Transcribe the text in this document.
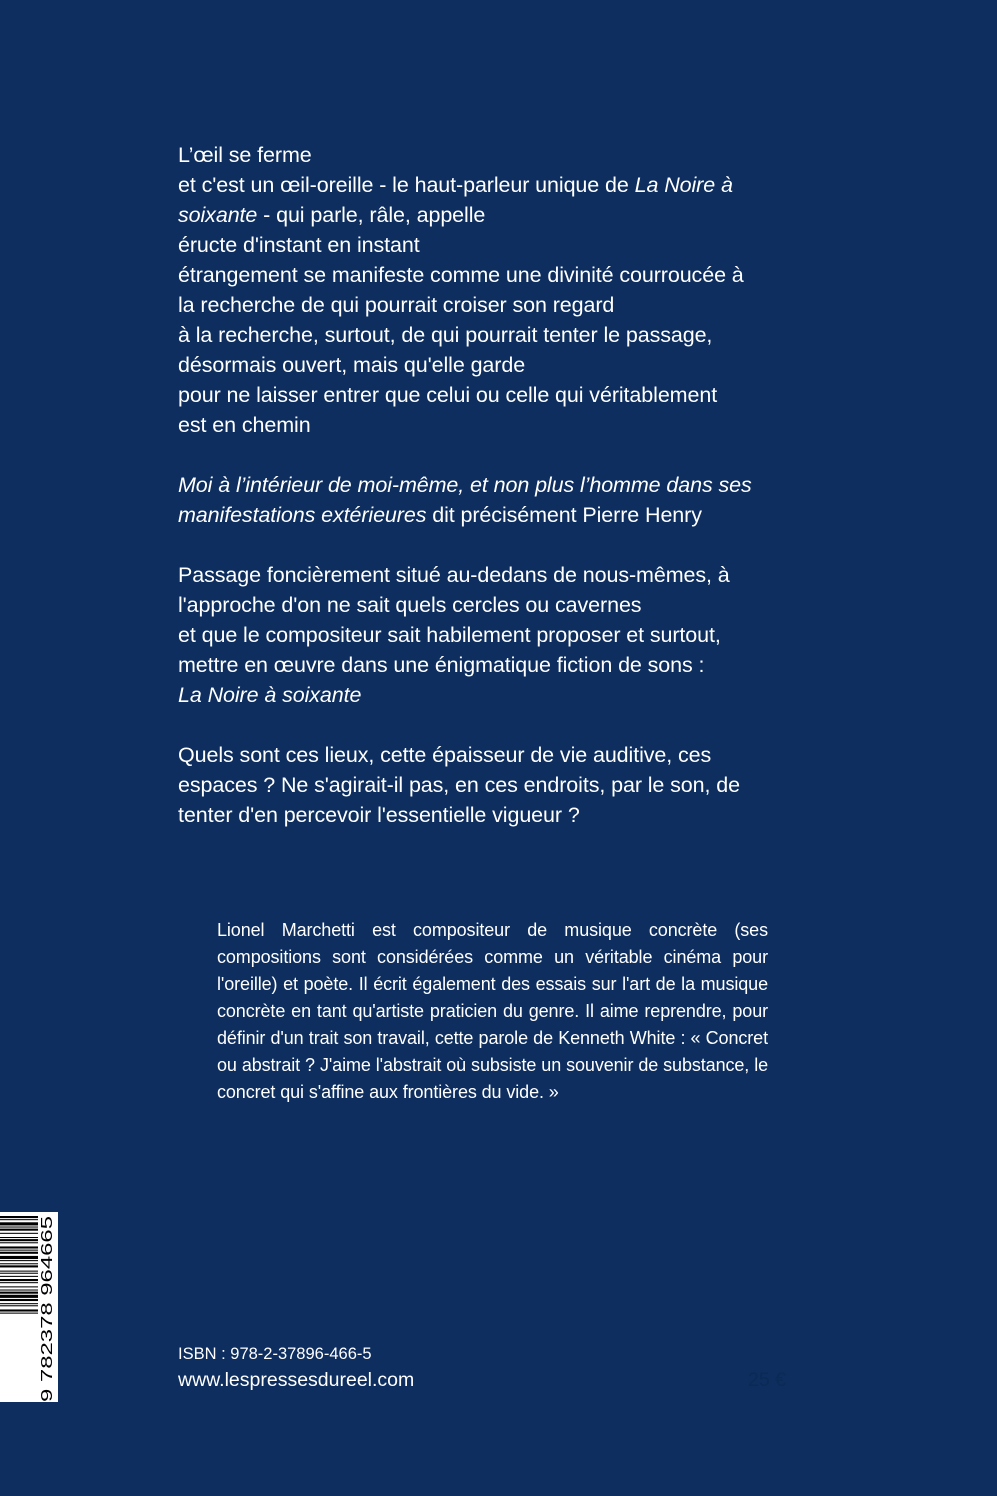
L’œil se ferme
et c'est un œil-oreille - le haut-parleur unique de La Noire à
soixante - qui parle, râle, appelle
éructe d'instant en instant
étrangement se manifeste comme une divinité courroucée à
la recherche de qui pourrait croiser son regard
à la recherche, surtout, de qui pourrait tenter le passage,
désormais ouvert, mais qu'elle garde
pour ne laisser entrer que celui ou celle qui véritablement
est en chemin

Moi à l’intérieur de moi-même, et non plus l’homme dans ses
manifestations extérieures dit précisément Pierre Henry

Passage foncièrement situé au-dedans de nous-mêmes, à
l'approche d'on ne sait quels cercles ou cavernes
et que le compositeur sait habilement proposer et surtout,
mettre en œuvre dans une énigmatique fiction de sons :
La Noire à soixante

Quels sont ces lieux, cette épaisseur de vie auditive, ces
espaces ? Ne s'agirait-il pas, en ces endroits, par le son, de
tenter d'en percevoir l'essentielle vigueur ?

Lionel Marchetti est compositeur de musique concrète (ses compositions sont considérées comme un véritable cinéma pour l'oreille) et poète. Il écrit également des essais sur l'art de la musique concrète en tant qu'artiste praticien du genre. Il aime reprendre, pour définir d'un trait son travail, cette parole de Kenneth White : « Concret ou abstrait ? J'aime l'abstrait où subsiste un souvenir de substance, le concret qui s'affine aux frontières du vide. »
9 782378 964665	ISBN : 978-2-37896-466-5
www.lespressesdureel.com	25 €
